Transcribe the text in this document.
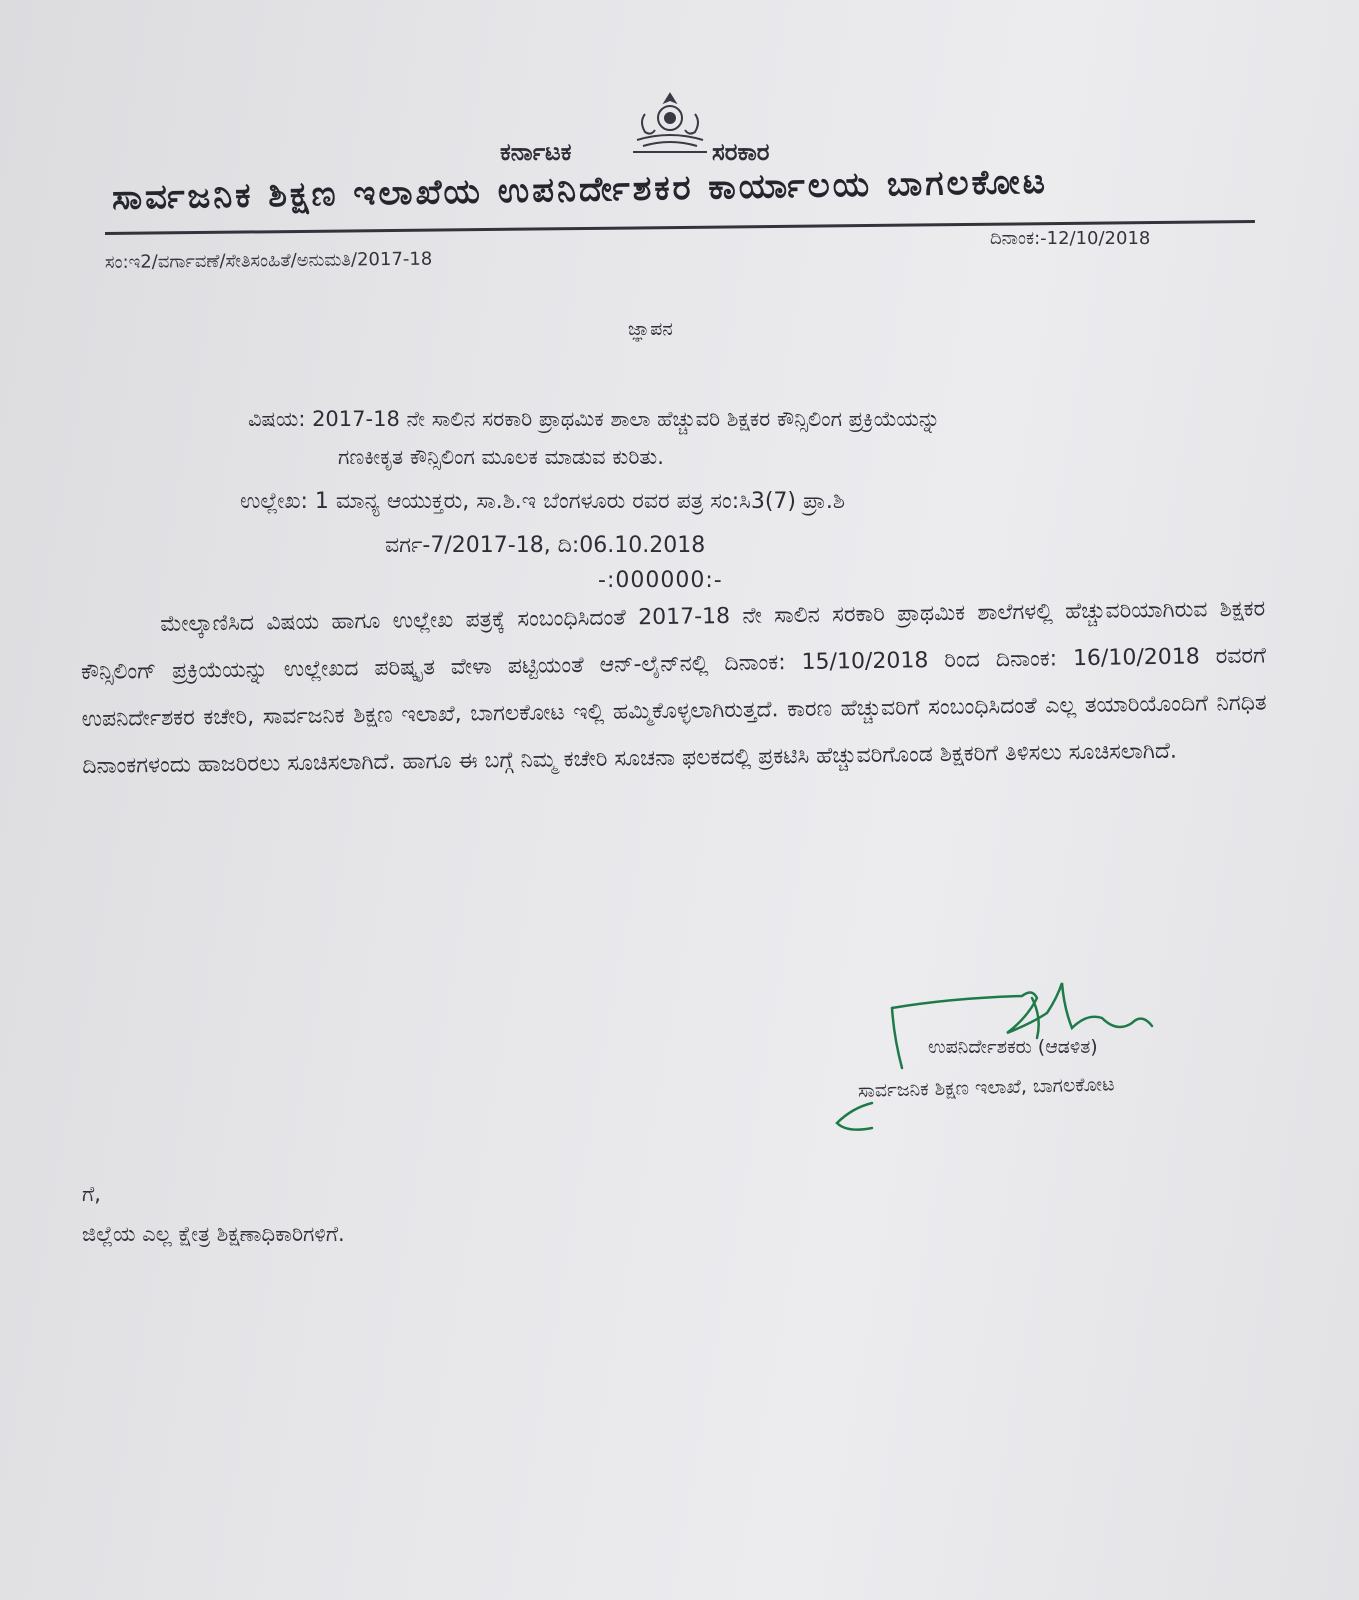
ಕರ್ನಾಟಕ	ಸರಕಾರ
ಸಾರ್ವಜನಿಕ ಶಿಕ್ಷಣ ಇಲಾಖೆಯ ಉಪನಿರ್ದೇಶಕರ ಕಾರ್ಯಾಲಯ ಬಾಗಲಕೋಟ
ಸಂ:ಇ2/ವರ್ಗಾವಣೆ/ಸೇತಿಸಂಹಿತೆ/ಅನುಮತಿ/2017-18
ದಿನಾಂಕ:-12/10/2018
ಜ್ಞಾಪನ
ವಿಷಯ: 2017-18 ನೇ ಸಾಲಿನ ಸರಕಾರಿ ಪ್ರಾಥಮಿಕ ಶಾಲಾ ಹೆಚ್ಚುವರಿ ಶಿಕ್ಷಕರ ಕೌನ್ಸಿಲಿಂಗ ಪ್ರಕ್ರಿಯೆಯನ್ನು
ಗಣಕೀಕೃತ ಕೌನ್ಸಿಲಿಂಗ ಮೂಲಕ ಮಾಡುವ ಕುರಿತು.
ಉಲ್ಲೇಖ: 1 ಮಾನ್ಯ ಆಯುಕ್ತರು, ಸಾ.ಶಿ.ಇ ಬೆಂಗಳೂರು ರವರ ಪತ್ರ ಸಂ:ಸಿ3(7) ಪ್ರಾ.ಶಿ
ವರ್ಗ-7/2017-18, ದಿ:06.10.2018
-:000000:-
ಮೇಲ್ಕಾಣಿಸಿದ ವಿಷಯ ಹಾಗೂ ಉಲ್ಲೇಖ ಪತ್ರಕ್ಕೆ ಸಂಬಂಧಿಸಿದಂತೆ 2017-18 ನೇ ಸಾಲಿನ ಸರಕಾರಿ ಪ್ರಾಥಮಿಕ ಶಾಲೆಗಳಲ್ಲಿ ಹೆಚ್ಚುವರಿಯಾಗಿರುವ ಶಿಕ್ಷಕರ ಕೌನ್ಸಿಲಿಂಗ್ ಪ್ರಕ್ರಿಯೆಯನ್ನು ಉಲ್ಲೇಖದ ಪರಿಷ್ಕೃತ ವೇಳಾ ಪಟ್ಟಿಯಂತೆ ಆನ್-ಲೈನ್‌ನಲ್ಲಿ ದಿನಾಂಕ: 15/10/2018 ರಿಂದ ದಿನಾಂಕ: 16/10/2018 ರವರಗೆ ಉಪನಿರ್ದೇಶಕರ ಕಚೇರಿ, ಸಾರ್ವಜನಿಕ ಶಿಕ್ಷಣ ಇಲಾಖೆ, ಬಾಗಲಕೋಟ ಇಲ್ಲಿ ಹಮ್ಮಿಕೊಳ್ಳಲಾಗಿರುತ್ತದೆ. ಕಾರಣ ಹೆಚ್ಚುವರಿಗೆ ಸಂಬಂಧಿಸಿದಂತೆ ಎಲ್ಲ ತಯಾರಿಯೊಂದಿಗೆ ನಿಗಧಿತ ದಿನಾಂಕಗಳಂದು ಹಾಜರಿರಲು ಸೂಚಿಸಲಾಗಿದೆ. ಹಾಗೂ ಈ ಬಗ್ಗೆ ನಿಮ್ಮ ಕಚೇರಿ ಸೂಚನಾ ಫಲಕದಲ್ಲಿ ಪ್ರಕಟಿಸಿ ಹೆಚ್ಚುವರಿಗೊಂಡ ಶಿಕ್ಷಕರಿಗೆ ತಿಳಿಸಲು ಸೂಚಿಸಲಾಗಿದೆ.
ಉಪನಿರ್ದೇಶಕರು (ಆಡಳಿತ)
ಸಾರ್ವಜನಿಕ ಶಿಕ್ಷಣ ಇಲಾಖೆ, ಬಾಗಲಕೋಟ
ಗೆ,
ಜಿಲ್ಲೆಯ ಎಲ್ಲ ಕ್ಷೇತ್ರ ಶಿಕ್ಷಣಾಧಿಕಾರಿಗಳಿಗೆ.
